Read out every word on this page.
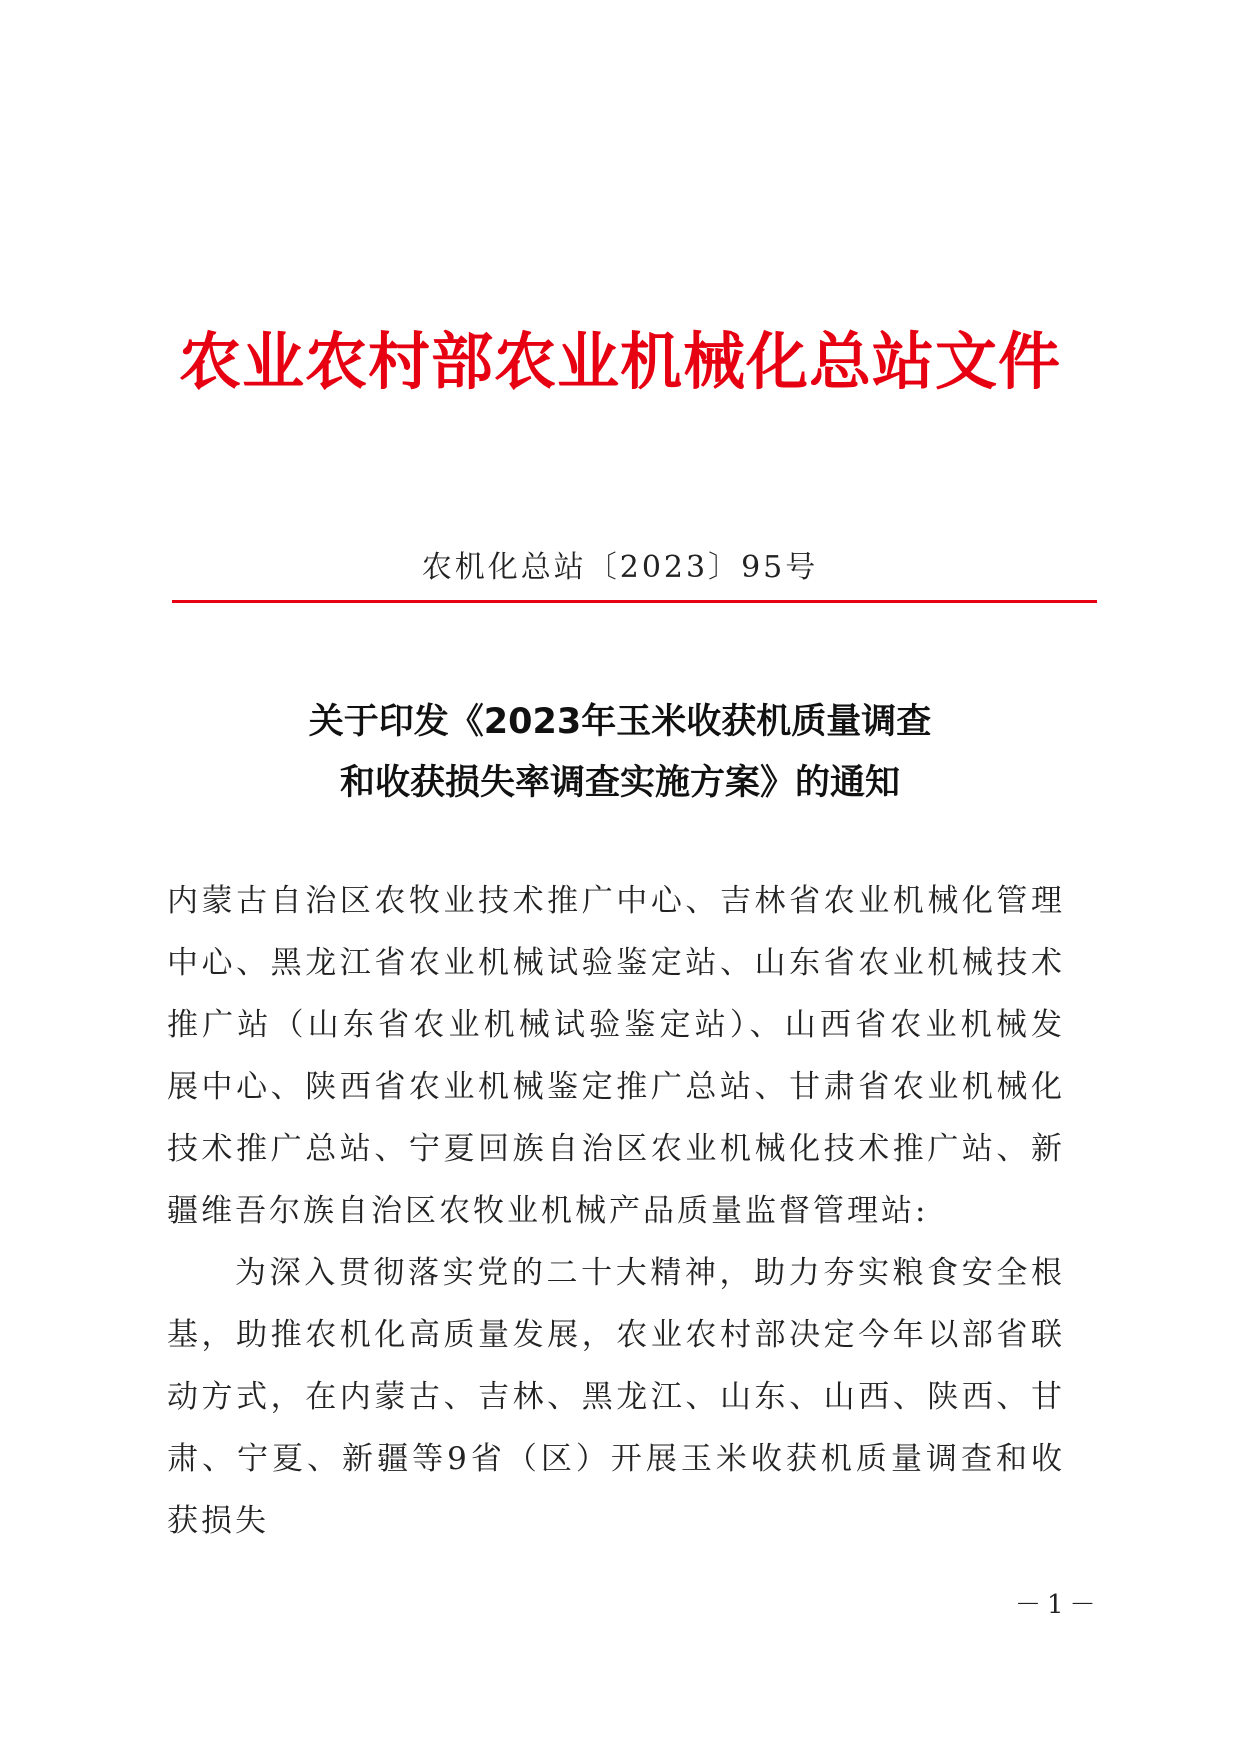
农业农村部农业机械化总站文件
农机化总站〔2023〕95号
关于印发《2023年玉米收获机质量调查
和收获损失率调查实施方案》的通知

内蒙古自治区农牧业技术推广中心、吉林省农业机械化管理中心、黑龙江省农业机械试验鉴定站、山东省农业机械技术推广站（山东省农业机械试验鉴定站）、山西省农业机械发展中心、陕西省农业机械鉴定推广总站、甘肃省农业机械化技术推广总站、宁夏回族自治区农业机械化技术推广站、新疆维吾尔族自治区农牧业机械产品质量监督管理站:

为深入贯彻落实党的二十大精神，助力夯实粮食安全根基，助推农机化高质量发展，农业农村部决定今年以部省联动方式，在内蒙古、吉林、黑龙江、山东、山西、陕西、甘肃、宁夏、新疆等9省（区）开展玉米收获机质量调查和收获损失

－1－
